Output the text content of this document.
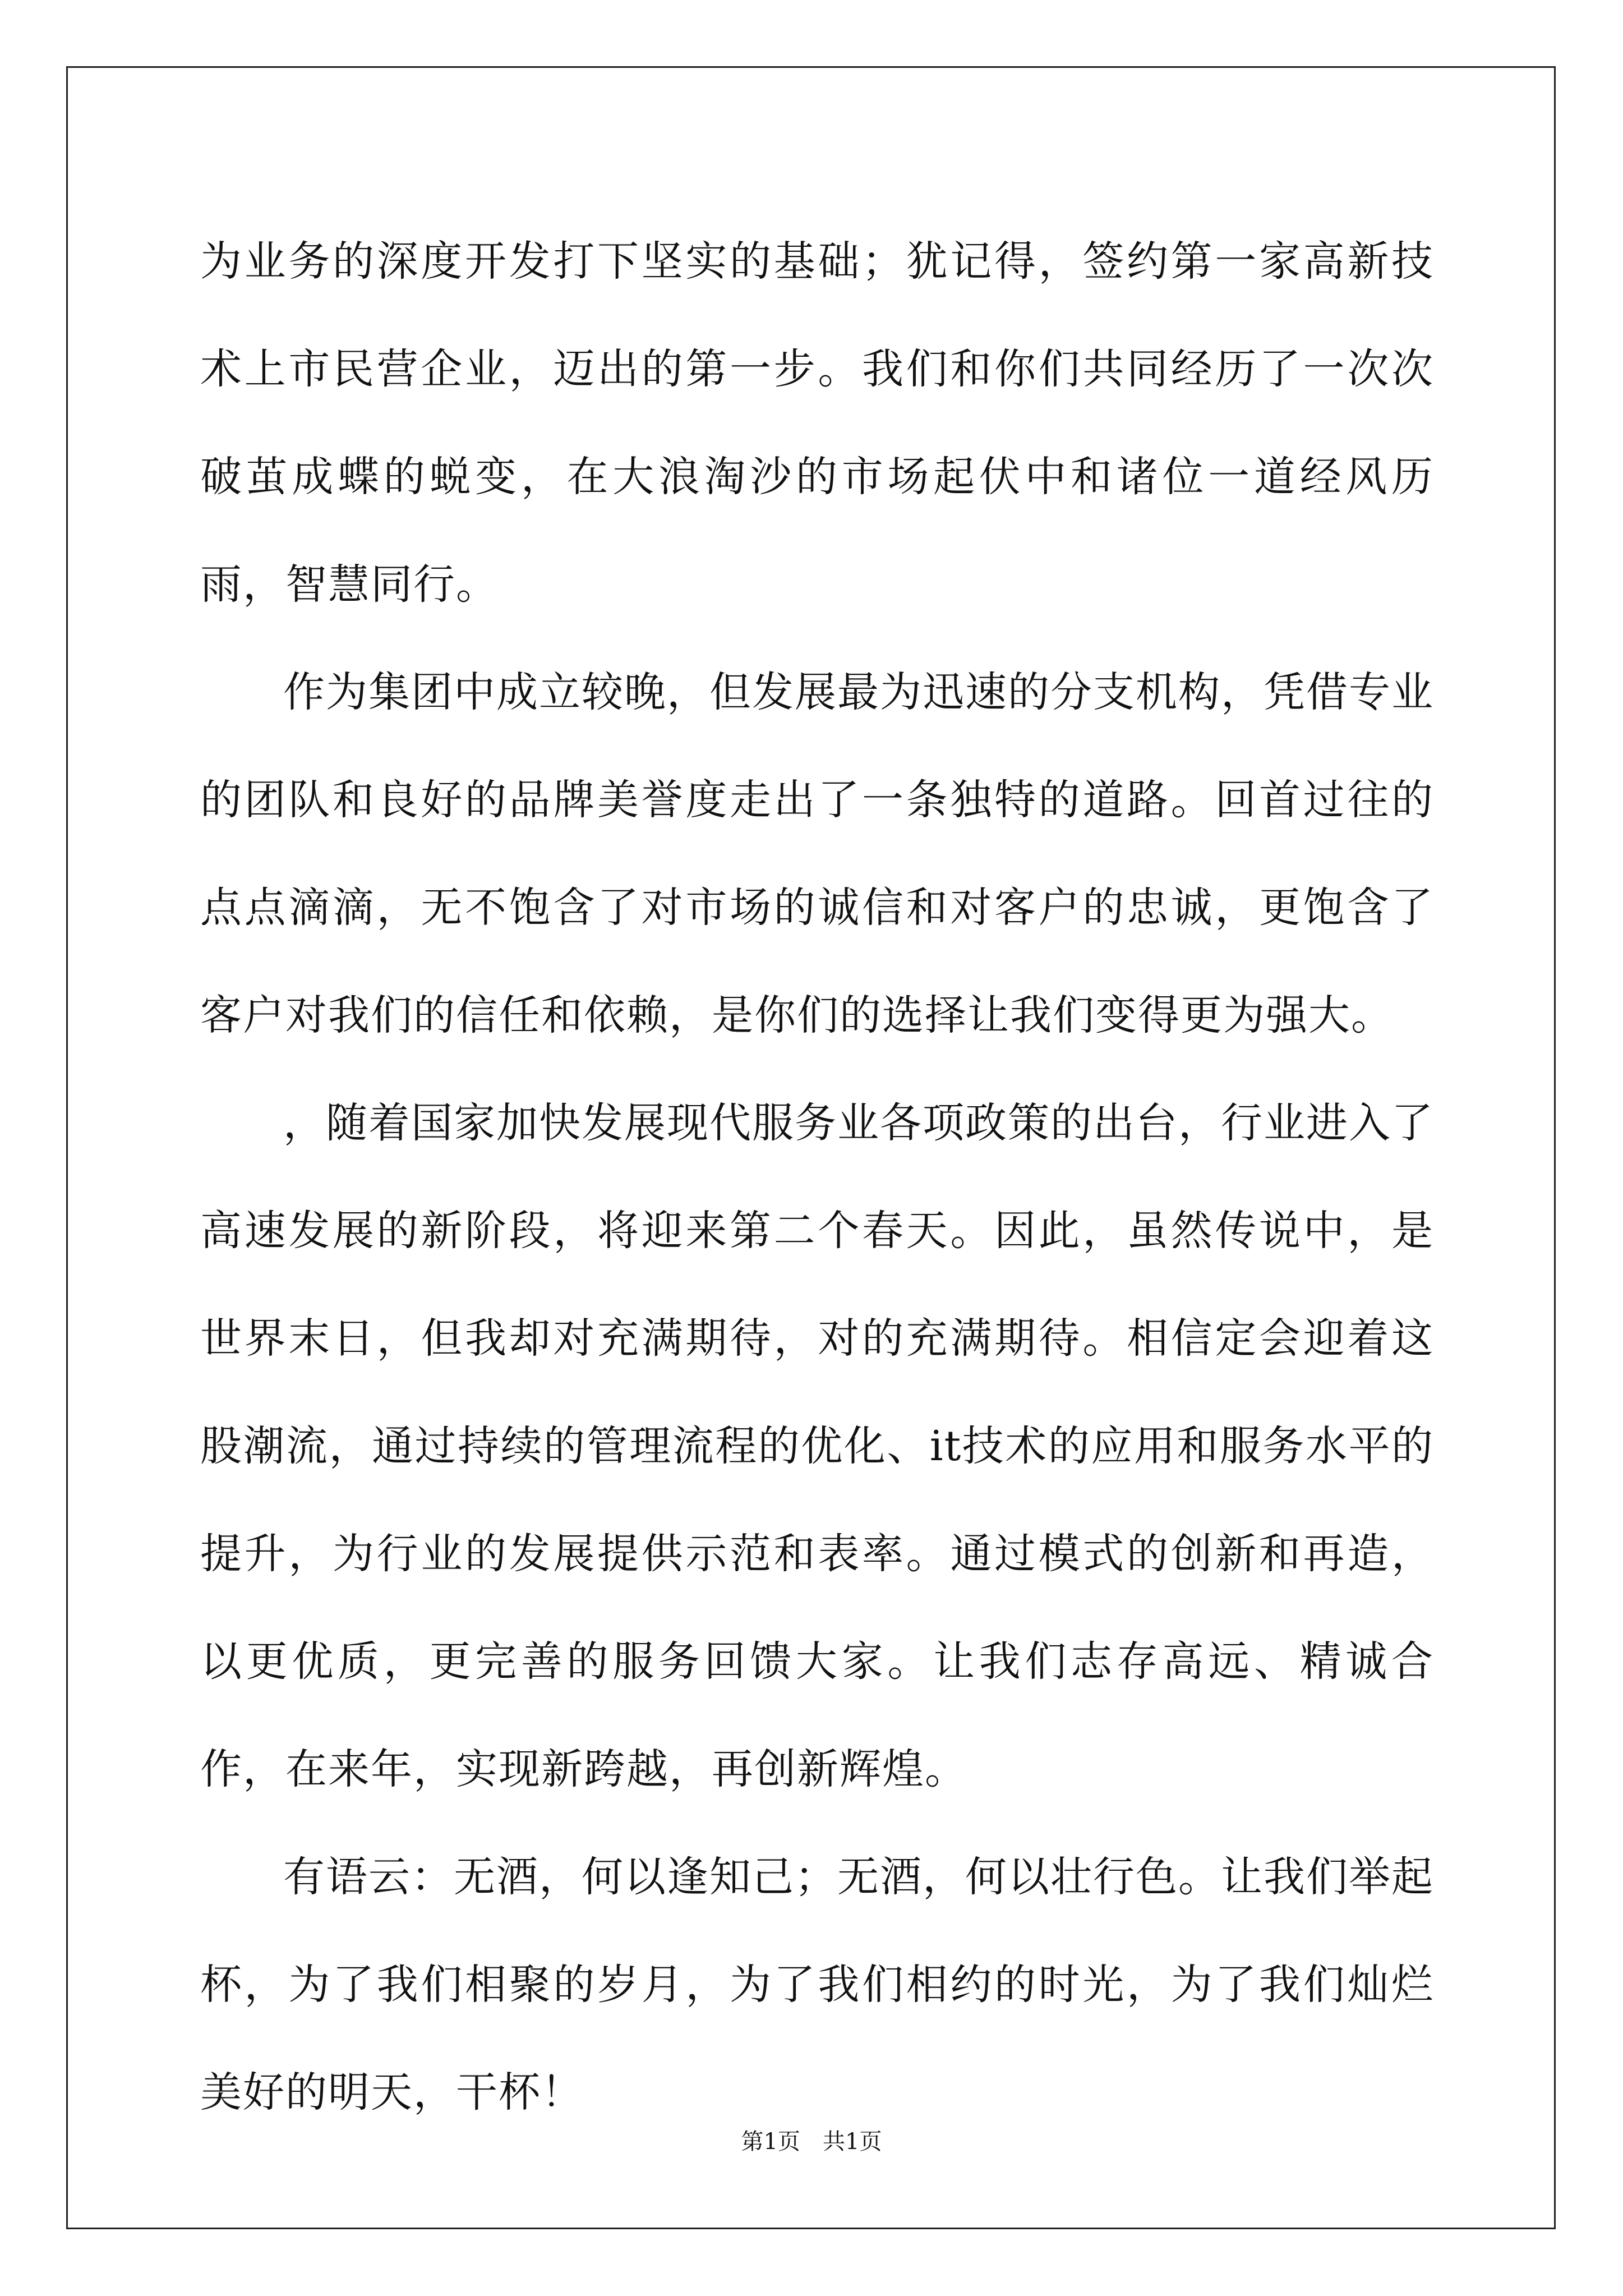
为业务的深度开发打下坚实的基础；犹记得，签约第一家高新技术上市民营企业，迈出的第一步。我们和你们共同经历了一次次破茧成蝶的蜕变，在大浪淘沙的市场起伏中和诸位一道经风历雨，智慧同行。

作为集团中成立较晚，但发展最为迅速的分支机构，凭借专业的团队和良好的品牌美誉度走出了一条独特的道路。回首过往的点点滴滴，无不饱含了对市场的诚信和对客户的忠诚，更饱含了客户对我们的信任和依赖，是你们的选择让我们变得更为强大。

，随着国家加快发展现代服务业各项政策的出台，行业进入了高速发展的新阶段，将迎来第二个春天。因此，虽然传说中，是世界末日，但我却对充满期待，对的充满期待。相信定会迎着这股潮流，通过持续的管理流程的优化、it技术的应用和服务水平的提升，为行业的发展提供示范和表率。通过模式的创新和再造，以更优质，更完善的服务回馈大家。让我们志存高远、精诚合作，在来年，实现新跨越，再创新辉煌。

有语云：无酒，何以逢知己；无酒，何以壮行色。让我们举起杯，为了我们相聚的岁月，为了我们相约的时光，为了我们灿烂美好的明天，干杯！

第1页 共1页
